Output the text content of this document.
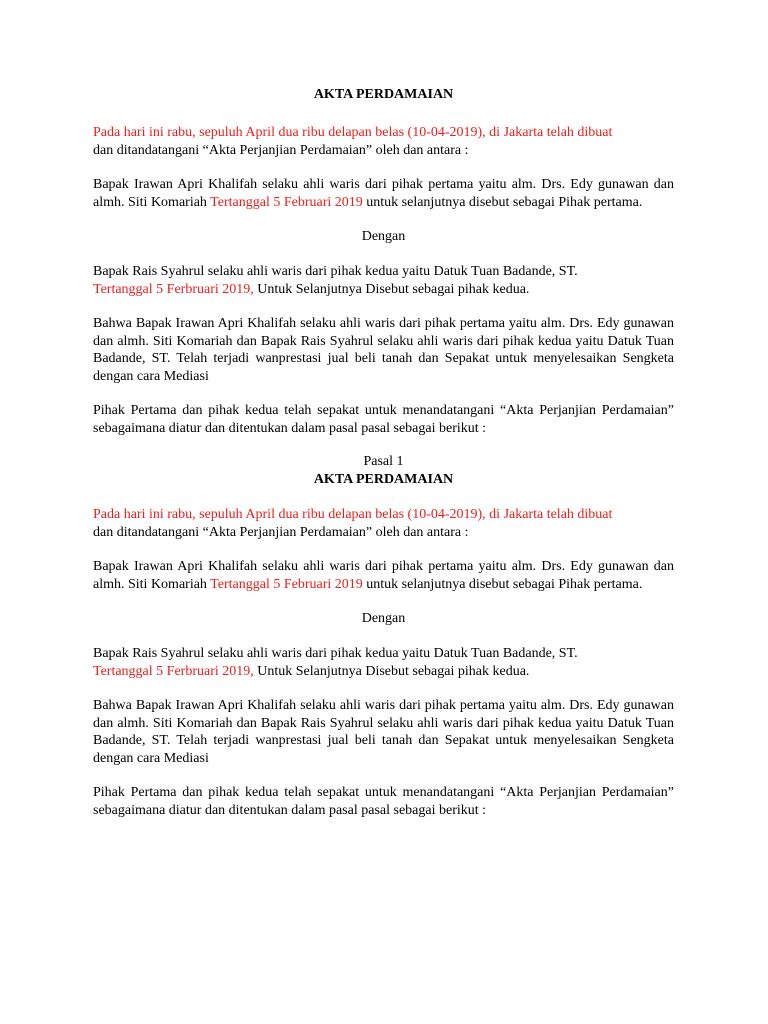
AKTA PERDAMAIAN

Pada hari ini rabu, sepuluh April dua ribu delapan belas (10-04-2019), di Jakarta telah dibuat
dan ditandatangani “Akta Perjanjian Perdamaian” oleh dan antara :

Bapak Irawan Apri Khalifah selaku ahli waris dari pihak pertama yaitu alm. Drs. Edy gunawan dan almh. Siti Komariah Tertanggal 5 Februari 2019 untuk selanjutnya disebut sebagai Pihak pertama.

Dengan

Bapak Rais Syahrul selaku ahli waris dari pihak kedua yaitu Datuk Tuan Badande, ST.
Tertanggal 5 Ferbruari 2019, Untuk Selanjutnya Disebut sebagai pihak kedua.

Bahwa Bapak Irawan Apri Khalifah selaku ahli waris dari pihak pertama yaitu alm. Drs. Edy gunawan dan almh. Siti Komariah dan Bapak Rais Syahrul selaku ahli waris dari pihak kedua yaitu Datuk Tuan Badande, ST. Telah terjadi wanprestasi jual beli tanah dan Sepakat untuk menyelesaikan Sengketa dengan cara Mediasi

Pihak Pertama dan pihak kedua telah sepakat untuk menandatangani “Akta Perjanjian Perdamaian” sebagaimana diatur dan ditentukan dalam pasal pasal sebagai berikut :

Pasal 1

AKTA PERDAMAIAN

Pada hari ini rabu, sepuluh April dua ribu delapan belas (10-04-2019), di Jakarta telah dibuat
dan ditandatangani “Akta Perjanjian Perdamaian” oleh dan antara :

Bapak Irawan Apri Khalifah selaku ahli waris dari pihak pertama yaitu alm. Drs. Edy gunawan dan almh. Siti Komariah Tertanggal 5 Februari 2019 untuk selanjutnya disebut sebagai Pihak pertama.

Dengan

Bapak Rais Syahrul selaku ahli waris dari pihak kedua yaitu Datuk Tuan Badande, ST.
Tertanggal 5 Ferbruari 2019, Untuk Selanjutnya Disebut sebagai pihak kedua.

Bahwa Bapak Irawan Apri Khalifah selaku ahli waris dari pihak pertama yaitu alm. Drs. Edy gunawan dan almh. Siti Komariah dan Bapak Rais Syahrul selaku ahli waris dari pihak kedua yaitu Datuk Tuan Badande, ST. Telah terjadi wanprestasi jual beli tanah dan Sepakat untuk menyelesaikan Sengketa dengan cara Mediasi

Pihak Pertama dan pihak kedua telah sepakat untuk menandatangani “Akta Perjanjian Perdamaian” sebagaimana diatur dan ditentukan dalam pasal pasal sebagai berikut :
